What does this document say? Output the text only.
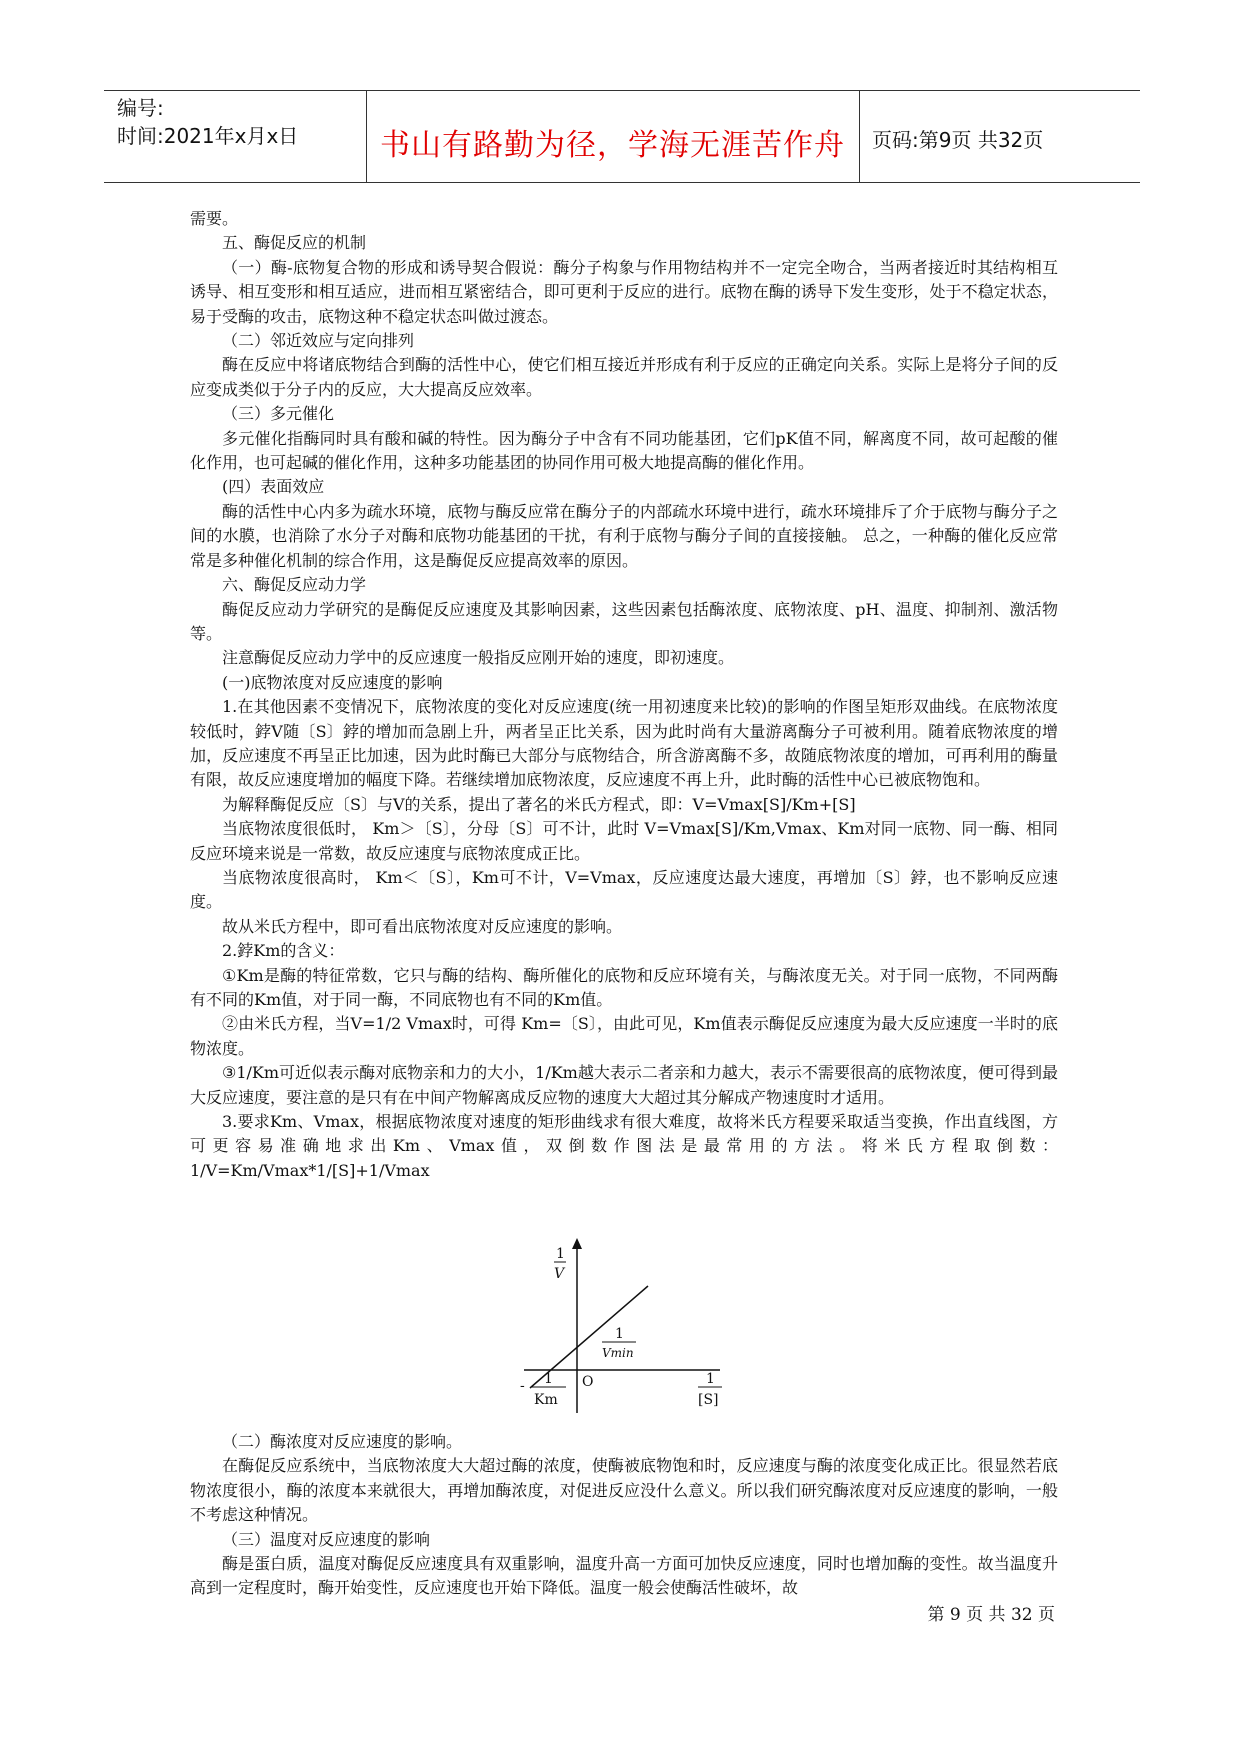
编号:
时间:2021年x月x日	书山有路勤为径，学海无涯苦作舟	页码:第9页 共32页

需要。

五、酶促反应的机制

（一）酶-底物复合物的形成和诱导契合假说：酶分子构象与作用物结构并不一定完全吻合，当两者接近时其结构相互诱导、相互变形和相互适应，进而相互紧密结合，即可更利于反应的进行。底物在酶的诱导下发生变形，处于不稳定状态，易于受酶的攻击，底物这种不稳定状态叫做过渡态。

（二）邻近效应与定向排列

酶在反应中将诸底物结合到酶的活性中心，使它们相互接近并形成有利于反应的正确定向关系。实际上是将分子间的反应变成类似于分子内的反应，大大提高反应效率。

（三）多元催化

多元催化指酶同时具有酸和碱的特性。因为酶分子中含有不同功能基团，它们pK值不同，解离度不同，故可起酸的催化作用，也可起碱的催化作用，这种多功能基团的协同作用可极大地提高酶的催化作用。

(四）表面效应

酶的活性中心内多为疏水环境，底物与酶反应常在酶分子的内部疏水环境中进行，疏水环境排斥了介于底物与酶分子之间的水膜，也消除了水分子对酶和底物功能基团的干扰，有利于底物与酶分子间的直接接触。 总之，一种酶的催化反应常常是多种催化机制的综合作用，这是酶促反应提高效率的原因。

六、酶促反应动力学

酶促反应动力学研究的是酶促反应速度及其影响因素，这些因素包括酶浓度、底物浓度、pH、温度、抑制剂、激活物等。

注意酶促反应动力学中的反应速度一般指反应刚开始的速度，即初速度。

(一)底物浓度对反应速度的影响

1.在其他因素不变情况下，底物浓度的变化对反应速度(统一用初速度来比较)的影响的作图呈矩形双曲线。在底物浓度较低时，鋍V随〔S〕鋍的增加而急剧上升，两者呈正比关系，因为此时尚有大量游离酶分子可被利用。随着底物浓度的增加，反应速度不再呈正比加速，因为此时酶已大部分与底物结合，所含游离酶不多，故随底物浓度的增加，可再利用的酶量有限，故反应速度增加的幅度下降。若继续增加底物浓度，反应速度不再上升，此时酶的活性中心已被底物饱和。

为解释酶促反应〔S〕与V的关系，提出了著名的米氏方程式，即：V=Vmax[S]/Km+[S]

当底物浓度很低时， Km＞〔S〕，分母〔S〕可不计，此时 V=Vmax[S]/Km,Vmax、Km对同一底物、同一酶、相同反应环境来说是一常数，故反应速度与底物浓度成正比。

当底物浓度很高时， Km＜〔S〕，Km可不计，V=Vmax，反应速度达最大速度，再增加〔S〕鋍，也不影响反应速度。

故从米氏方程中，即可看出底物浓度对反应速度的影响。

2.鋍Km的含义：

①Km是酶的特征常数，它只与酶的结构、酶所催化的底物和反应环境有关，与酶浓度无关。对于同一底物，不同两酶有不同的Km值，对于同一酶，不同底物也有不同的Km值。

②由米氏方程，当V=1/2 Vmax时，可得 Km=〔S〕，由此可见，Km值表示酶促反应速度为最大反应速度一半时的底物浓度。

③1/Km可近似表示酶对底物亲和力的大小，1/Km越大表示二者亲和力越大，表示不需要很高的底物浓度，便可得到最大反应速度，要注意的是只有在中间产物解离成反应物的速度大大超过其分解成产物速度时才适用。

3.要求Km、Vmax，根据底物浓度对速度的矩形曲线求有很大难度，故将米氏方程要采取适当变换，作出直线图，方可更容易准确地求出Km、Vmax值，双倒数作图法是最常用的方法。将米氏方程取倒数：1/V=Km/Vmax*1/[S]+1/Vmax

1
V
1
Vmin
- 1
Km
O	1
[S]

（二）酶浓度对反应速度的影响。

在酶促反应系统中，当底物浓度大大超过酶的浓度，使酶被底物饱和时，反应速度与酶的浓度变化成正比。很显然若底物浓度很小，酶的浓度本来就很大，再增加酶浓度，对促进反应没什么意义。所以我们研究酶浓度对反应速度的影响，一般不考虑这种情况。

（三）温度对反应速度的影响

酶是蛋白质，温度对酶促反应速度具有双重影响，温度升高一方面可加快反应速度，同时也增加酶的变性。故当温度升高到一定程度时，酶开始变性，反应速度也开始下降低。温度一般会使酶活性破坏，故

第 9 页 共 32 页
